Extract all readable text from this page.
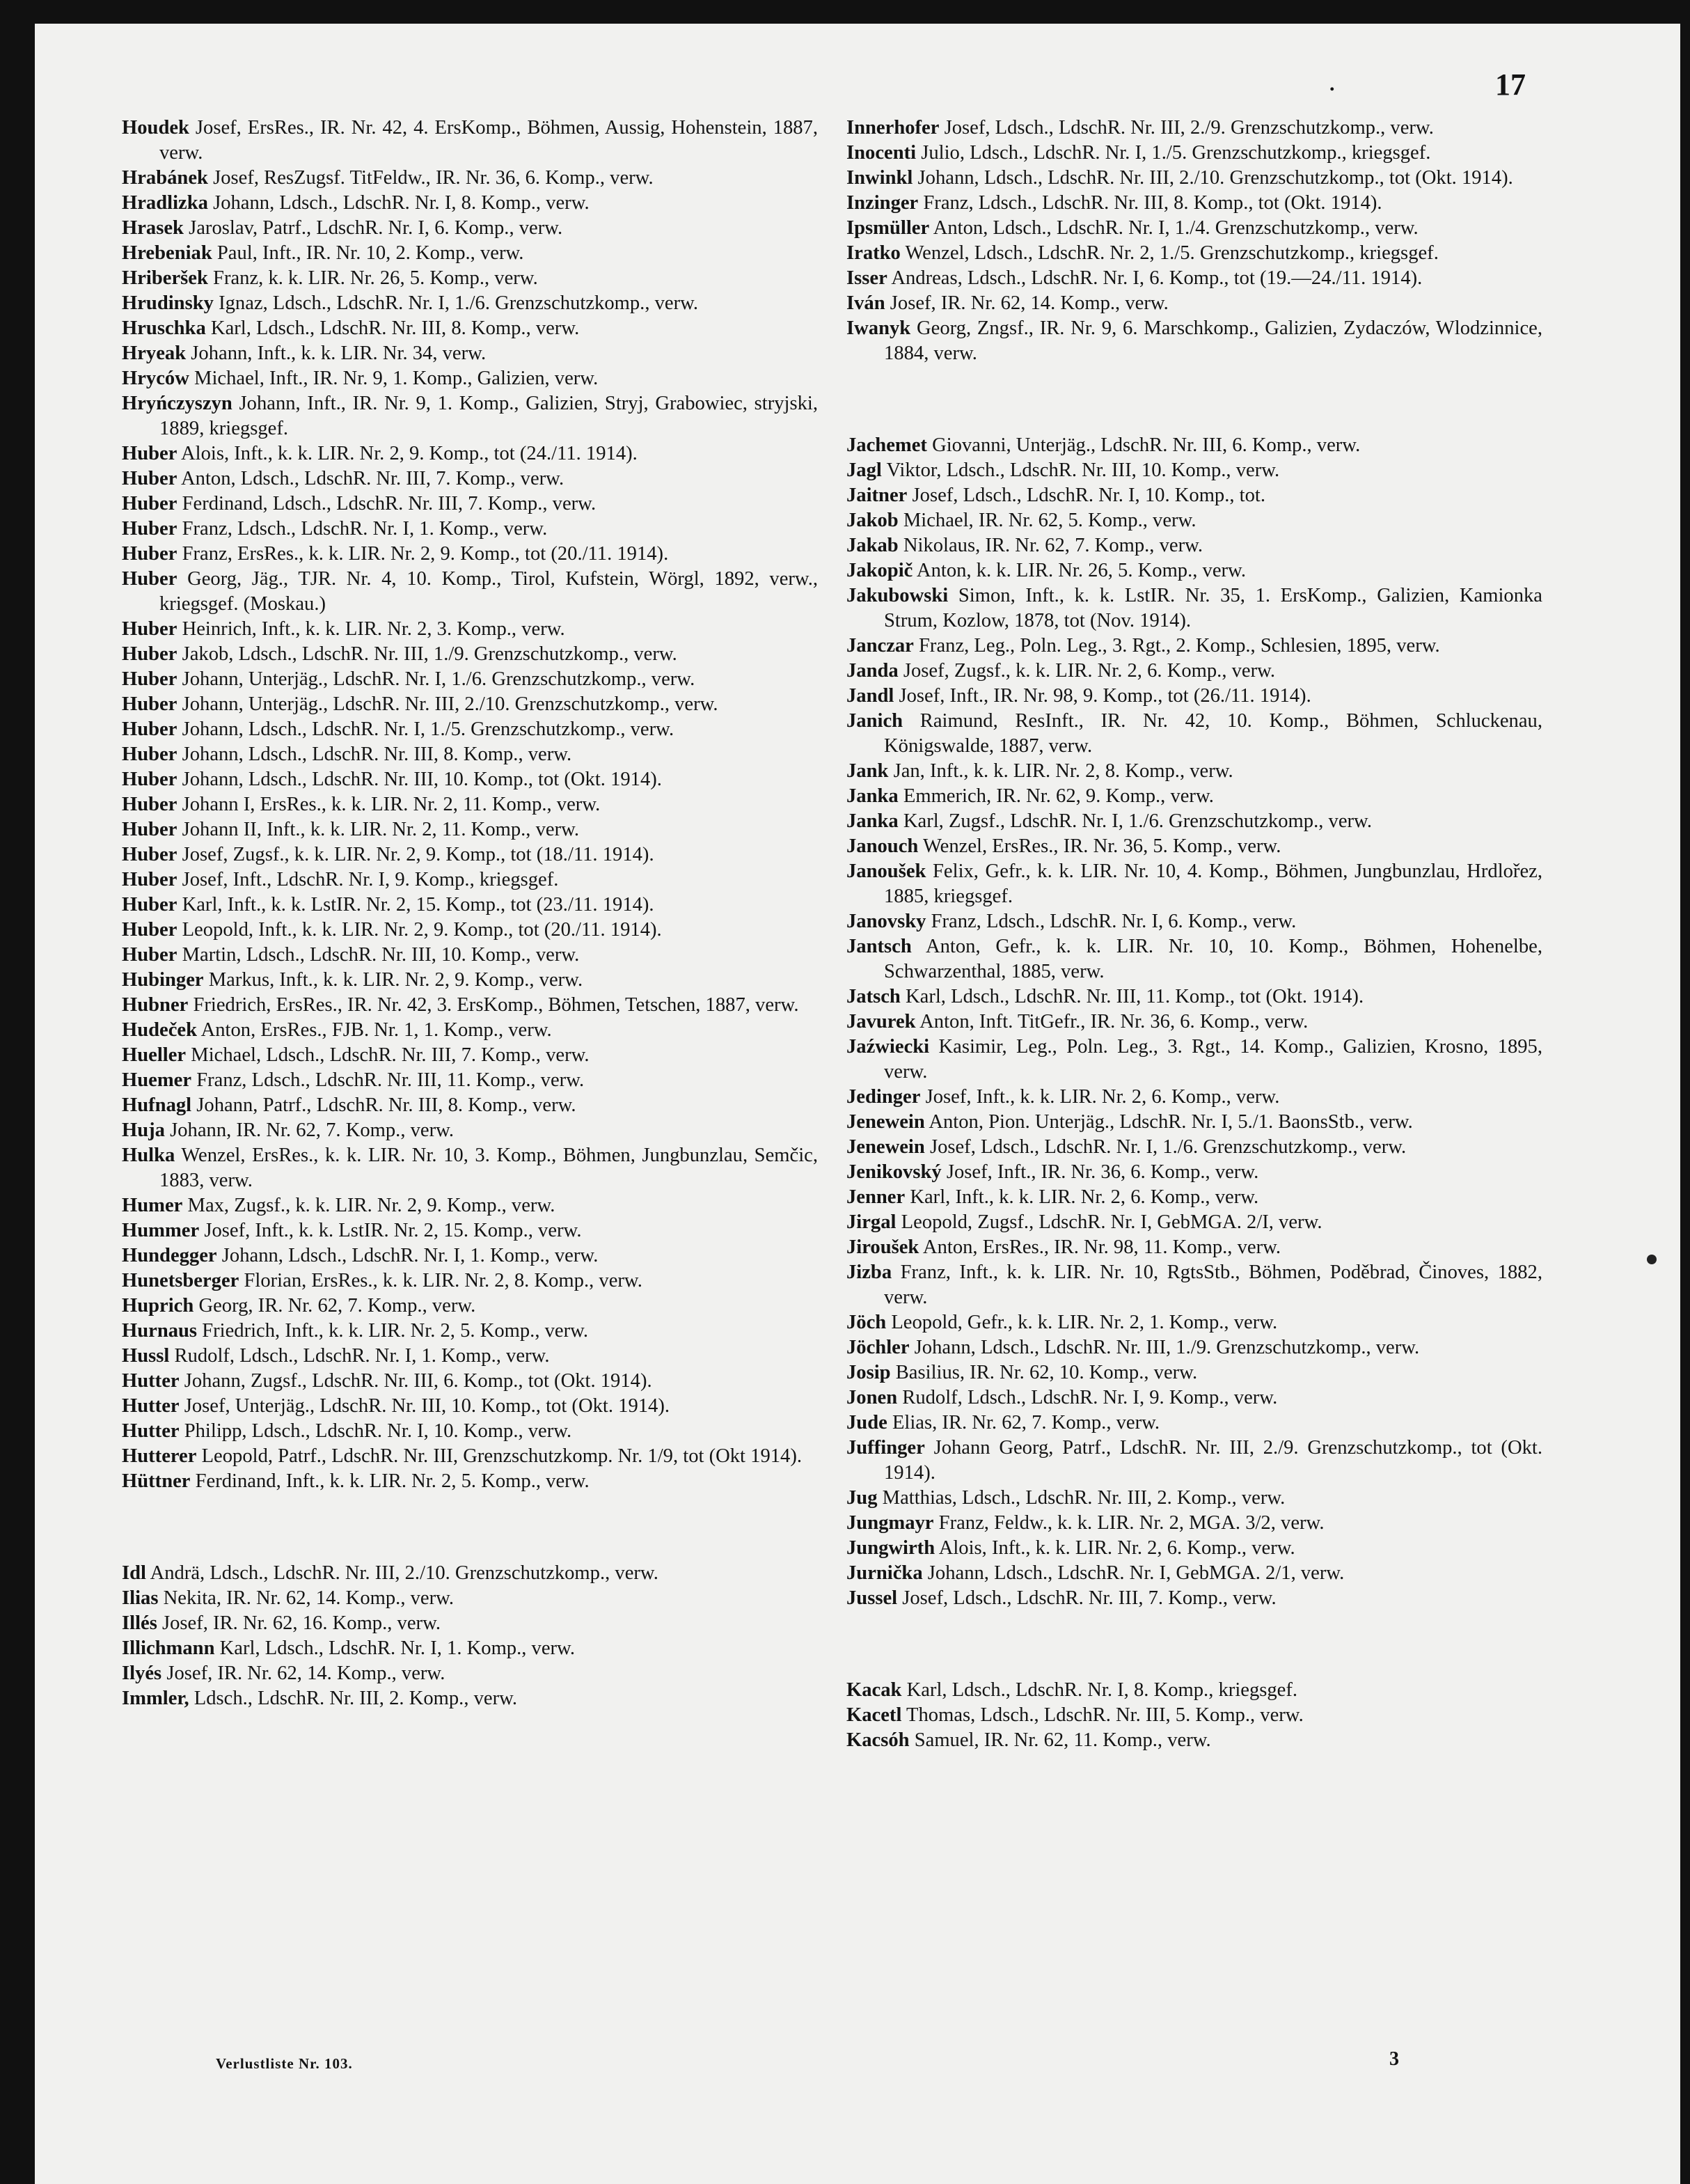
.	17
Houdek Josef, ErsRes., IR. Nr. 42, 4. ErsKomp., Böhmen, Aussig, Hohenstein, 1887, verw.
Hrabánek Josef, ResZugsf. TitFeldw., IR. Nr. 36, 6. Komp., verw.
Hradlizka Johann, Ldsch., LdschR. Nr. I, 8. Komp., verw.
Hrasek Jaroslav, Patrf., LdschR. Nr. I, 6. Komp., verw.
Hrebeniak Paul, Inft., IR. Nr. 10, 2. Komp., verw.
Hriberšek Franz, k. k. LIR. Nr. 26, 5. Komp., verw.
Hrudinsky Ignaz, Ldsch., LdschR. Nr. I, 1./6. Grenzschutzkomp., verw.
Hruschka Karl, Ldsch., LdschR. Nr. III, 8. Komp., verw.
Hryeak Johann, Inft., k. k. LIR. Nr. 34, verw.
Hryców Michael, Inft., IR. Nr. 9, 1. Komp., Galizien, verw.
Hryńczyszyn Johann, Inft., IR. Nr. 9, 1. Komp., Galizien, Stryj, Grabowiec, stryjski, 1889, kriegsgef.
Huber Alois, Inft., k. k. LIR. Nr. 2, 9. Komp., tot (24./11. 1914).
Huber Anton, Ldsch., LdschR. Nr. III, 7. Komp., verw.
Huber Ferdinand, Ldsch., LdschR. Nr. III, 7. Komp., verw.
Huber Franz, Ldsch., LdschR. Nr. I, 1. Komp., verw.
Huber Franz, ErsRes., k. k. LIR. Nr. 2, 9. Komp., tot (20./11. 1914).
Huber Georg, Jäg., TJR. Nr. 4, 10. Komp., Tirol, Kufstein, Wörgl, 1892, verw., kriegsgef. (Moskau.)
Huber Heinrich, Inft., k. k. LIR. Nr. 2, 3. Komp., verw.
Huber Jakob, Ldsch., LdschR. Nr. III, 1./9. Grenzschutzkomp., verw.
Huber Johann, Unterjäg., LdschR. Nr. I, 1./6. Grenzschutzkomp., verw.
Huber Johann, Unterjäg., LdschR. Nr. III, 2./10. Grenzschutzkomp., verw.
Huber Johann, Ldsch., LdschR. Nr. I, 1./5. Grenzschutzkomp., verw.
Huber Johann, Ldsch., LdschR. Nr. III, 8. Komp., verw.
Huber Johann, Ldsch., LdschR. Nr. III, 10. Komp., tot (Okt. 1914).
Huber Johann I, ErsRes., k. k. LIR. Nr. 2, 11. Komp., verw.
Huber Johann II, Inft., k. k. LIR. Nr. 2, 11. Komp., verw.
Huber Josef, Zugsf., k. k. LIR. Nr. 2, 9. Komp., tot (18./11. 1914).
Huber Josef, Inft., LdschR. Nr. I, 9. Komp., kriegsgef.
Huber Karl, Inft., k. k. LstIR. Nr. 2, 15. Komp., tot (23./11. 1914).
Huber Leopold, Inft., k. k. LIR. Nr. 2, 9. Komp., tot (20./11. 1914).
Huber Martin, Ldsch., LdschR. Nr. III, 10. Komp., verw.
Hubinger Markus, Inft., k. k. LIR. Nr. 2, 9. Komp., verw.
Hubner Friedrich, ErsRes., IR. Nr. 42, 3. ErsKomp., Böhmen, Tetschen, 1887, verw.
Hudeček Anton, ErsRes., FJB. Nr. 1, 1. Komp., verw.
Hueller Michael, Ldsch., LdschR. Nr. III, 7. Komp., verw.
Huemer Franz, Ldsch., LdschR. Nr. III, 11. Komp., verw.
Hufnagl Johann, Patrf., LdschR. Nr. III, 8. Komp., verw.
Huja Johann, IR. Nr. 62, 7. Komp., verw.
Hulka Wenzel, ErsRes., k. k. LIR. Nr. 10, 3. Komp., Böhmen, Jungbunzlau, Semčic, 1883, verw.
Humer Max, Zugsf., k. k. LIR. Nr. 2, 9. Komp., verw.
Hummer Josef, Inft., k. k. LstIR. Nr. 2, 15. Komp., verw.
Hundegger Johann, Ldsch., LdschR. Nr. I, 1. Komp., verw.
Hunetsberger Florian, ErsRes., k. k. LIR. Nr. 2, 8. Komp., verw.
Huprich Georg, IR. Nr. 62, 7. Komp., verw.
Hurnaus Friedrich, Inft., k. k. LIR. Nr. 2, 5. Komp., verw.
Hussl Rudolf, Ldsch., LdschR. Nr. I, 1. Komp., verw.
Hutter Johann, Zugsf., LdschR. Nr. III, 6. Komp., tot (Okt. 1914).
Hutter Josef, Unterjäg., LdschR. Nr. III, 10. Komp., tot (Okt. 1914).
Hutter Philipp, Ldsch., LdschR. Nr. I, 10. Komp., verw.
Hutterer Leopold, Patrf., LdschR. Nr. III, Grenzschutzkomp. Nr. 1/9, tot (Okt 1914).
Hüttner Ferdinand, Inft., k. k. LIR. Nr. 2, 5. Komp., verw.
Idl Andrä, Ldsch., LdschR. Nr. III, 2./10. Grenzschutzkomp., verw.
Ilias Nekita, IR. Nr. 62, 14. Komp., verw.
Illés Josef, IR. Nr. 62, 16. Komp., verw.
Illichmann Karl, Ldsch., LdschR. Nr. I, 1. Komp., verw.
Ilyés Josef, IR. Nr. 62, 14. Komp., verw.
Immler, Ldsch., LdschR. Nr. III, 2. Komp., verw.
Innerhofer Josef, Ldsch., LdschR. Nr. III, 2./9. Grenzschutzkomp., verw.
Inocenti Julio, Ldsch., LdschR. Nr. I, 1./5. Grenzschutzkomp., kriegsgef.
Inwinkl Johann, Ldsch., LdschR. Nr. III, 2./10. Grenzschutzkomp., tot (Okt. 1914).
Inzinger Franz, Ldsch., LdschR. Nr. III, 8. Komp., tot (Okt. 1914).
Ipsmüller Anton, Ldsch., LdschR. Nr. I, 1./4. Grenzschutzkomp., verw.
Iratko Wenzel, Ldsch., LdschR. Nr. 2, 1./5. Grenzschutzkomp., kriegsgef.
Isser Andreas, Ldsch., LdschR. Nr. I, 6. Komp., tot (19.—24./11. 1914).
Iván Josef, IR. Nr. 62, 14. Komp., verw.
Iwanyk Georg, Zngsf., IR. Nr. 9, 6. Marschkomp., Galizien, Zydaczów, Wlodzinnice, 1884, verw.
Jachemet Giovanni, Unterjäg., LdschR. Nr. III, 6. Komp., verw.
Jagl Viktor, Ldsch., LdschR. Nr. III, 10. Komp., verw.
Jaitner Josef, Ldsch., LdschR. Nr. I, 10. Komp., tot.
Jakob Michael, IR. Nr. 62, 5. Komp., verw.
Jakab Nikolaus, IR. Nr. 62, 7. Komp., verw.
Jakopič Anton, k. k. LIR. Nr. 26, 5. Komp., verw.
Jakubowski Simon, Inft., k. k. LstIR. Nr. 35, 1. ErsKomp., Galizien, Kamionka Strum, Kozlow, 1878, tot (Nov. 1914).
Janczar Franz, Leg., Poln. Leg., 3. Rgt., 2. Komp., Schlesien, 1895, verw.
Janda Josef, Zugsf., k. k. LIR. Nr. 2, 6. Komp., verw.
Jandl Josef, Inft., IR. Nr. 98, 9. Komp., tot (26./11. 1914).
Janich Raimund, ResInft., IR. Nr. 42, 10. Komp., Böhmen, Schluckenau, Königswalde, 1887, verw.
Jank Jan, Inft., k. k. LIR. Nr. 2, 8. Komp., verw.
Janka Emmerich, IR. Nr. 62, 9. Komp., verw.
Janka Karl, Zugsf., LdschR. Nr. I, 1./6. Grenzschutzkomp., verw.
Janouch Wenzel, ErsRes., IR. Nr. 36, 5. Komp., verw.
Janoušek Felix, Gefr., k. k. LIR. Nr. 10, 4. Komp., Böhmen, Jungbunzlau, Hrdlořez, 1885, kriegsgef.
Janovsky Franz, Ldsch., LdschR. Nr. I, 6. Komp., verw.
Jantsch Anton, Gefr., k. k. LIR. Nr. 10, 10. Komp., Böhmen, Hohenelbe, Schwarzenthal, 1885, verw.
Jatsch Karl, Ldsch., LdschR. Nr. III, 11. Komp., tot (Okt. 1914).
Javurek Anton, Inft. TitGefr., IR. Nr. 36, 6. Komp., verw.
Jaźwiecki Kasimir, Leg., Poln. Leg., 3. Rgt., 14. Komp., Galizien, Krosno, 1895, verw.
Jedinger Josef, Inft., k. k. LIR. Nr. 2, 6. Komp., verw.
Jenewein Anton, Pion. Unterjäg., LdschR. Nr. I, 5./1. BaonsStb., verw.
Jenewein Josef, Ldsch., LdschR. Nr. I, 1./6. Grenzschutzkomp., verw.
Jenikovský Josef, Inft., IR. Nr. 36, 6. Komp., verw.
Jenner Karl, Inft., k. k. LIR. Nr. 2, 6. Komp., verw.
Jirgal Leopold, Zugsf., LdschR. Nr. I, GebMGA. 2/I, verw.
Jiroušek Anton, ErsRes., IR. Nr. 98, 11. Komp., verw.
Jizba Franz, Inft., k. k. LIR. Nr. 10, RgtsStb., Böhmen, Poděbrad, Činoves, 1882, verw.
Jöch Leopold, Gefr., k. k. LIR. Nr. 2, 1. Komp., verw.
Jöchler Johann, Ldsch., LdschR. Nr. III, 1./9. Grenzschutzkomp., verw.
Josip Basilius, IR. Nr. 62, 10. Komp., verw.
Jonen Rudolf, Ldsch., LdschR. Nr. I, 9. Komp., verw.
Jude Elias, IR. Nr. 62, 7. Komp., verw.
Juffinger Johann Georg, Patrf., LdschR. Nr. III, 2./9. Grenzschutzkomp., tot (Okt. 1914).
Jug Matthias, Ldsch., LdschR. Nr. III, 2. Komp., verw.
Jungmayr Franz, Feldw., k. k. LIR. Nr. 2, MGA. 3/2, verw.
Jungwirth Alois, Inft., k. k. LIR. Nr. 2, 6. Komp., verw.
Jurnička Johann, Ldsch., LdschR. Nr. I, GebMGA. 2/1, verw.
Jussel Josef, Ldsch., LdschR. Nr. III, 7. Komp., verw.
Kacak Karl, Ldsch., LdschR. Nr. I, 8. Komp., kriegsgef.
Kacetl Thomas, Ldsch., LdschR. Nr. III, 5. Komp., verw.
Kacsóh Samuel, IR. Nr. 62, 11. Komp., verw.
Verlustliste Nr. 103.	3
